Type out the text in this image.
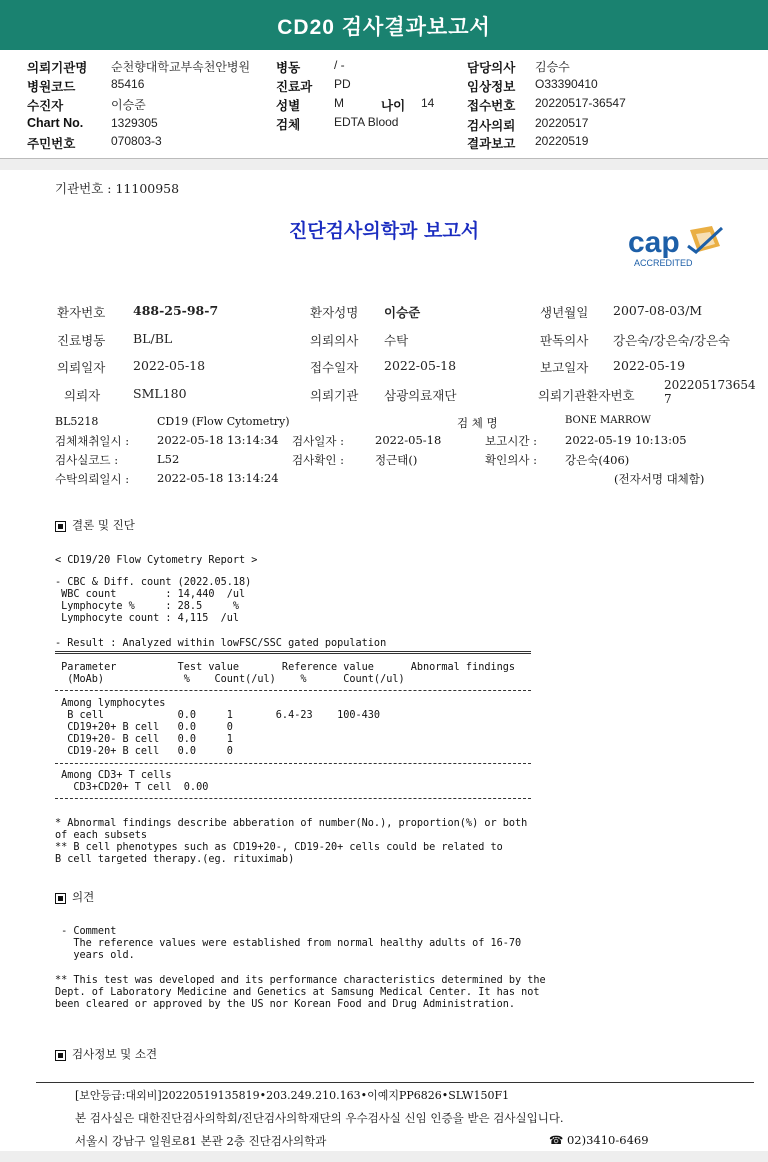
CD20 검사결과보고서
의뢰기관명 순천향대학교부속천안병원
병원코드	85416
수진자	이승준
Chart No. 1329305
주민번호	070803-3
병동	/ -
진료과 PD
성별	M	나이 14
검체	EDTA Blood
담당의사 김승수
임상정보 O33390410
접수번호 20220517-36547
검사의뢰 20220517
결과보고 20220519
기관번호 : 11100958
진단검사의학과 보고서	cap
ACCREDITED
환자번호 488-25-98-7	환자성명 이승준	생년월일 2007-08-03/M
진료병동 BL/BL	의뢰의사 수탁	판독의사 강은숙/강은숙/강은숙
의뢰일자 2022-05-18	접수일자 2022-05-18	보고일자 2022-05-19
의뢰자	SML180	의뢰기관 삼광의료재단	의뢰기관환자번호
202205173654
7
BL5218	CD19 (Flow Cytometry)	검 체 명	BONE MARROW
검체채취일시 : 2022-05-18 13:14:34 검사일자 :	2022-05-18	보고시간 : 2022-05-19 10:13:05
검사실코드 :	L52	검사확인 :	정근태()	확인의사 : 강은숙(406)
수탁의뢰일시 : 2022-05-18 13:14:24	(전자서명 대체함)
결론 및 진단
< CD19/20 Flow Cytometry Report >
- CBC & Diff. count (2022.05.18)
WBC count        : 14,440  /ul
Lymphocyte %     : 28.5     %
Lymphocyte count : 4,115  /ul
- Result : Analyzed within lowFSC/SSC gated population
Parameter          Test value       Reference value      Abnormal findings
(MoAb)             %    Count(/ul)    %      Count(/ul)
Among lymphocytes
B cell            0.0     1       6.4-23    100-430
CD19+20+ B cell   0.0     0
CD19+20- B cell   0.0     1
CD19-20+ B cell   0.0     0
Among CD3+ T cells
CD3+CD20+ T cell  0.00
* Abnormal findings describe abberation of number(No.), proportion(%) or both
of each subsets
** B cell phenotypes such as CD19+20-, CD19-20+ cells could be related to
B cell targeted therapy.(eg. rituximab)
의견
- Comment
The reference values were established from normal healthy adults of 16-70
years old.
** This test was developed and its performance characteristics determined by the
Dept. of Laboratory Medicine and Genetics at Samsung Medical Center. It has not
been cleared or approved by the US nor Korean Food and Drug Administration.
검사정보 및 소견
[보안등급:대외비]20220519135819•203.249.210.163•이예지PP6826•SLW150F1
본 검사실은 대한진단검사의학회/진단검사의학재단의 우수검사실 신임 인증을 받은 검사실입니다.
서울시 강남구 일원로81 본관 2층 진단검사의학과	☎ 02)3410-6469
